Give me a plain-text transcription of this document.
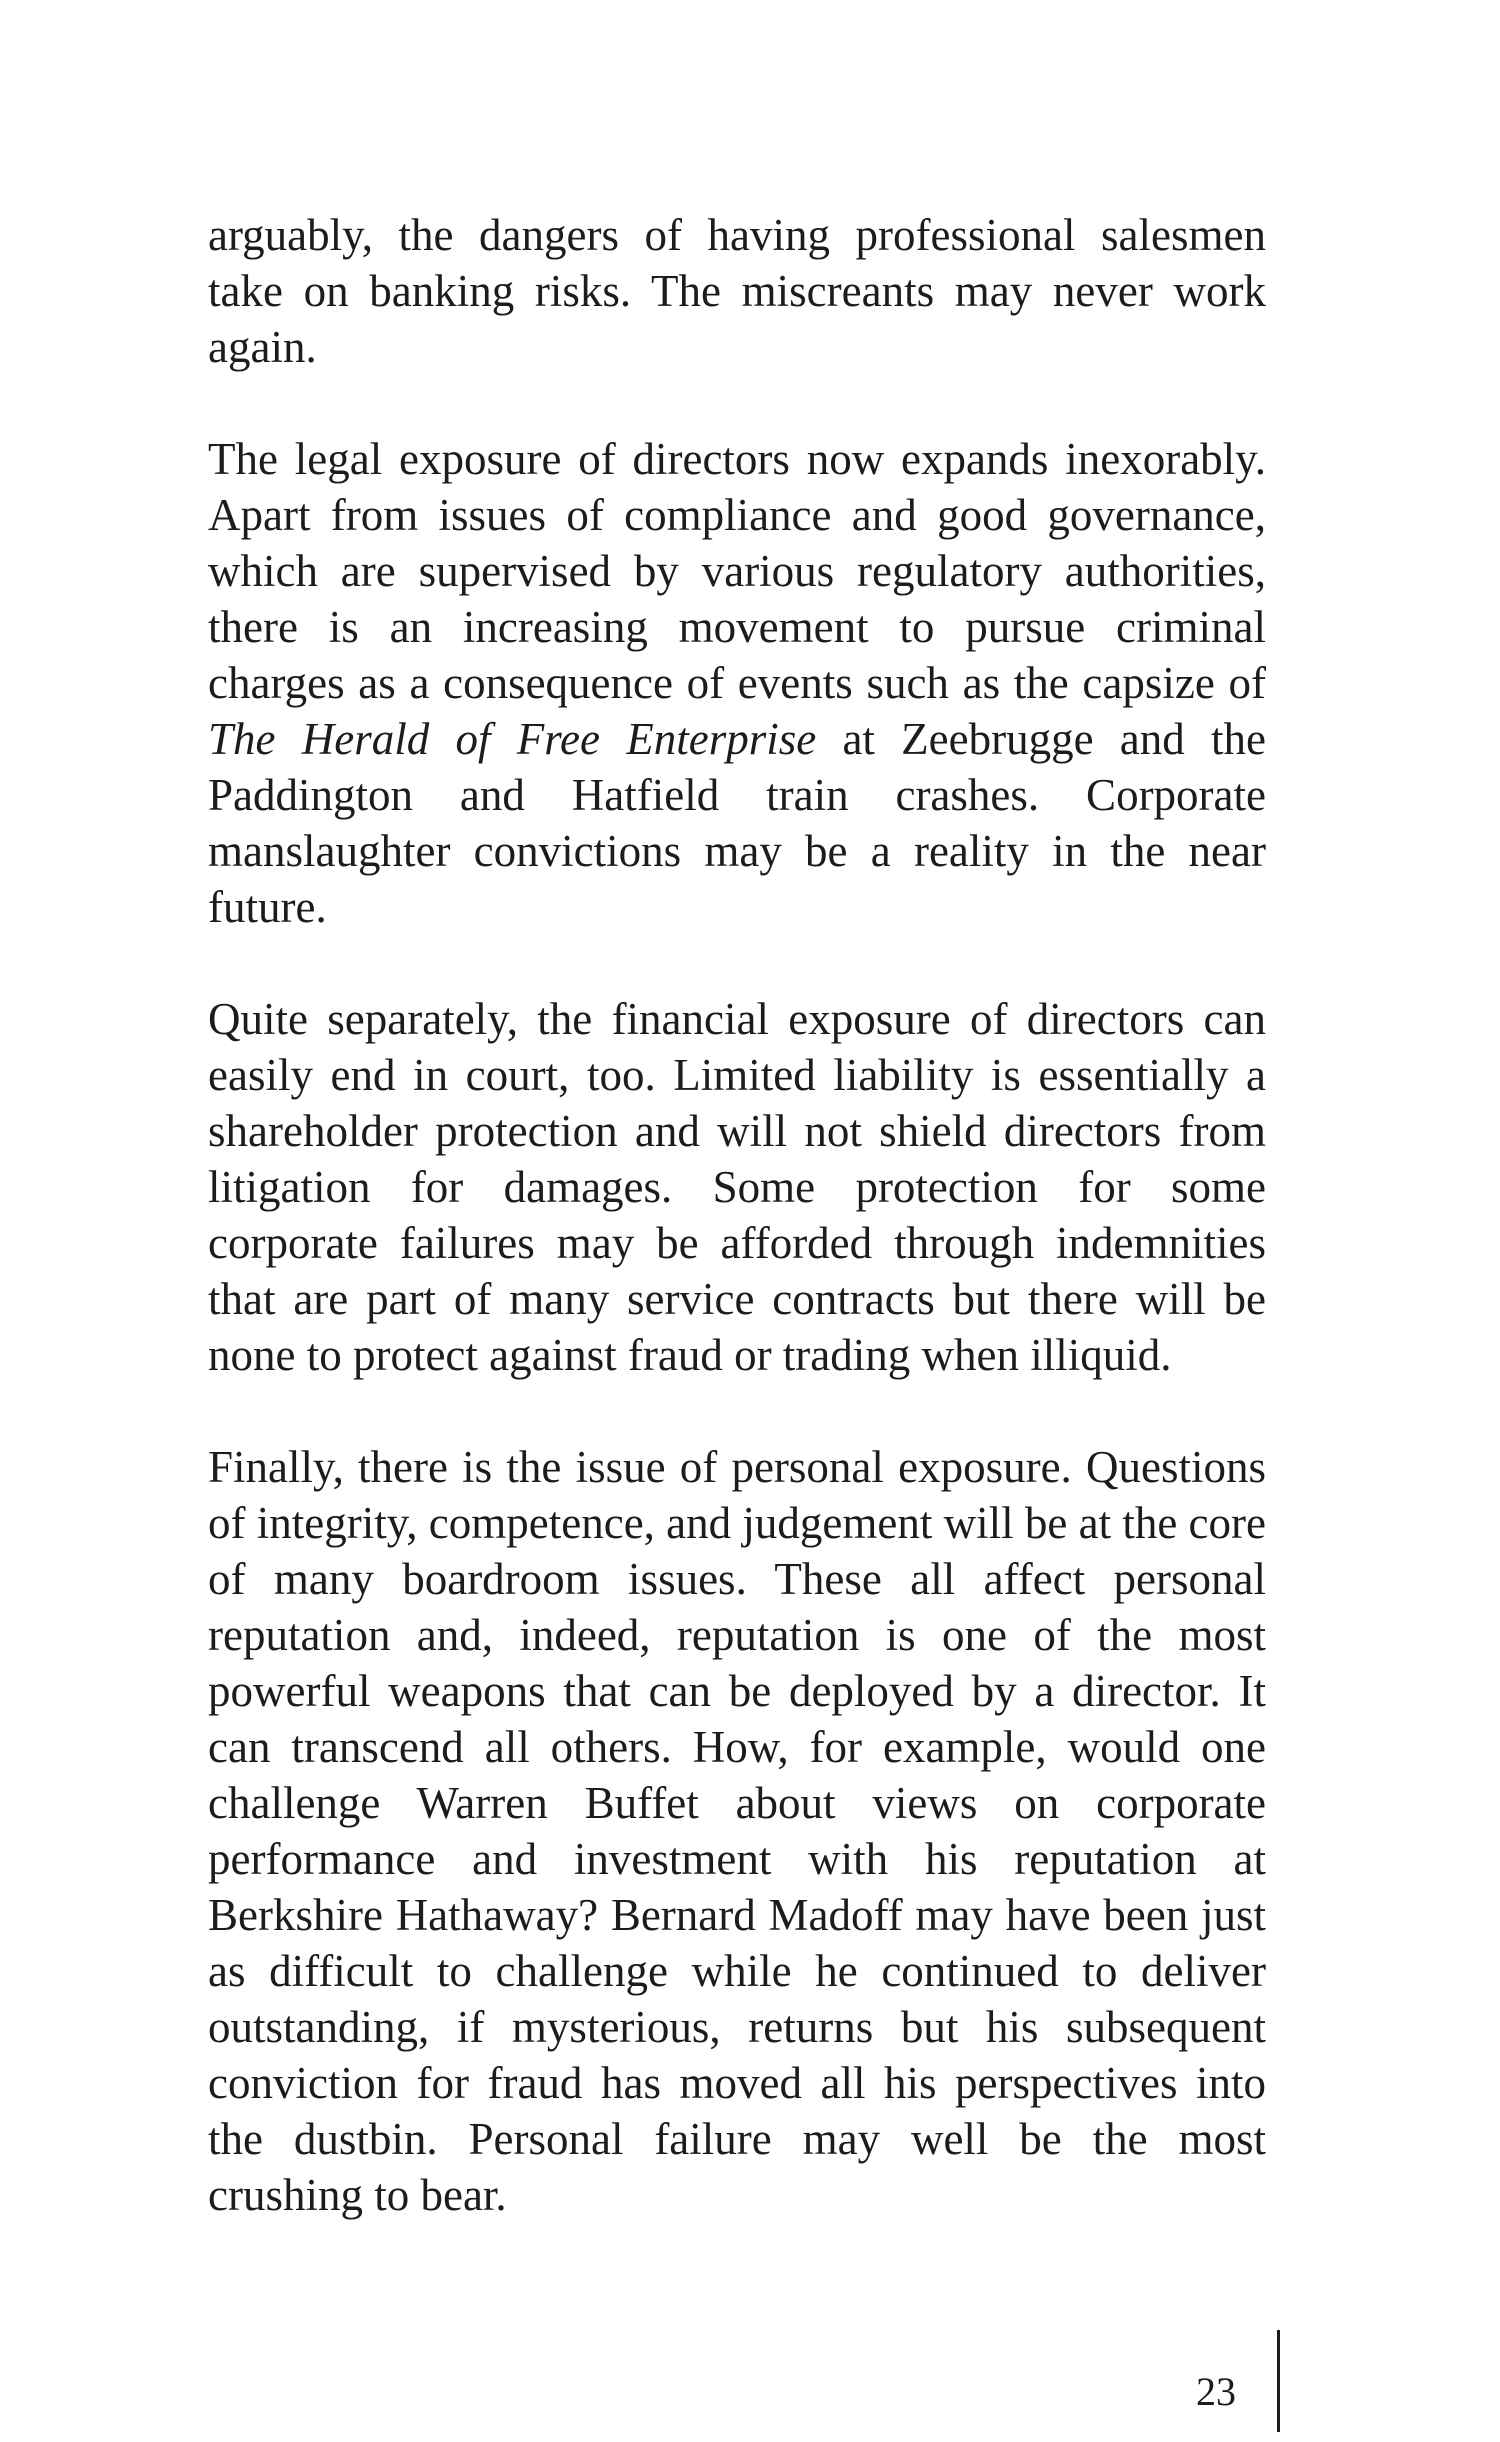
arguably, the dangers of having professional salesmen take on banking risks. The miscreants may never work again.

The legal exposure of directors now expands inexorably. Apart from issues of compliance and good governance, which are supervised by various regulatory authorities, there is an increasing movement to pursue criminal charges as a consequence of events such as the capsize of The Herald of Free Enterprise at Zeebrugge and the Paddington and Hatfield train crashes. Corporate manslaughter convictions may be a reality in the near future.

Quite separately, the financial exposure of directors can easily end in court, too. Limited liability is essentially a shareholder protection and will not shield directors from litigation for damages. Some protection for some corporate failures may be afforded through indemnities that are part of many service contracts but there will be none to protect against fraud or trading when illiquid.

Finally, there is the issue of personal exposure. Questions of integrity, competence, and judgement will be at the core of many boardroom issues. These all affect personal reputation and, indeed, reputation is one of the most powerful weapons that can be deployed by a director. It can transcend all others. How, for example, would one challenge Warren Buffet about views on corporate performance and investment with his reputation at Berkshire Hathaway? Bernard Madoff may have been just as difficult to challenge while he continued to deliver outstanding, if mysterious, returns but his subsequent conviction for fraud has moved all his perspectives into the dustbin. Personal failure may well be the most crushing to bear.

23
